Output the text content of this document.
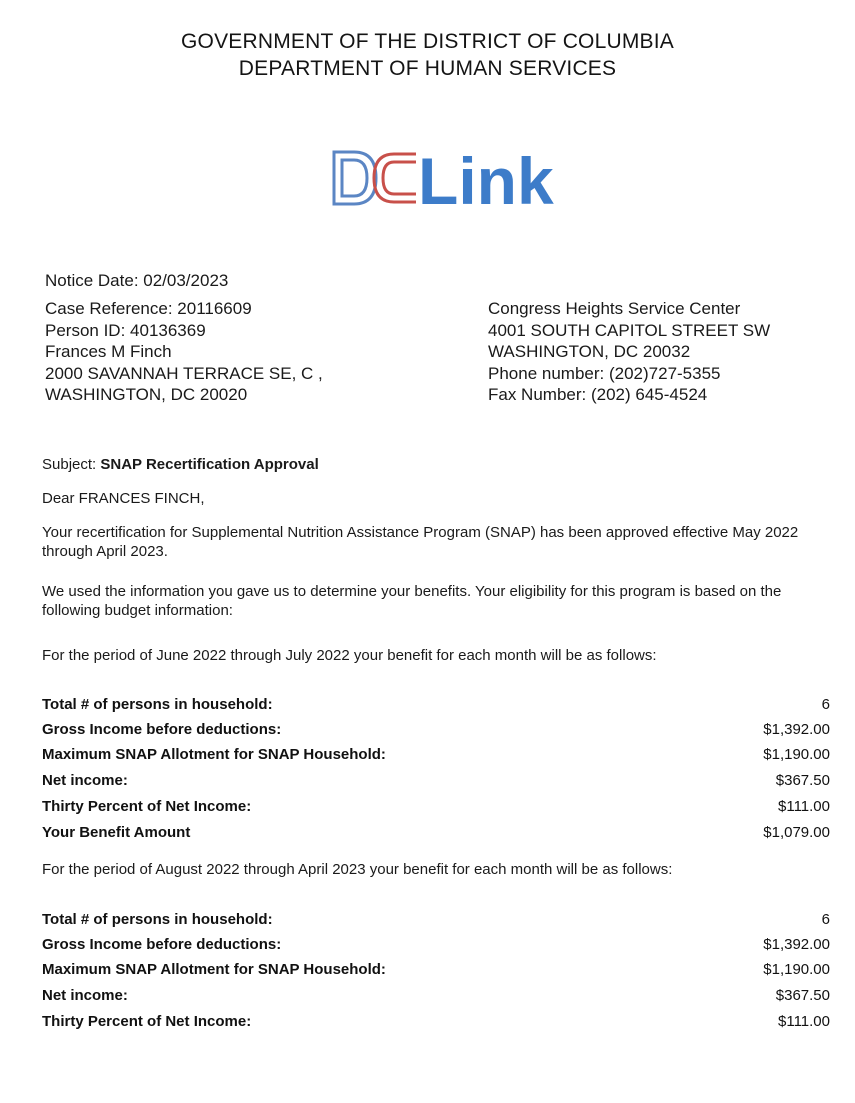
GOVERNMENT OF THE DISTRICT OF COLUMBIA
DEPARTMENT OF HUMAN SERVICES
Link
Notice Date: 02/03/2023
Case Reference: 20116609
Person ID: 40136369
Frances M Finch
2000 SAVANNAH TERRACE SE, C ,
WASHINGTON, DC 20020
Congress Heights Service Center
4001 SOUTH CAPITOL STREET SW
WASHINGTON, DC 20032
Phone number: (202)727-5355
Fax Number: (202) 645-4524
Subject: SNAP Recertification Approval
Dear FRANCES FINCH,
Your recertification for Supplemental Nutrition Assistance Program (SNAP) has been approved effective May 2022 through April 2023.
We used the information you gave us to determine your benefits. Your eligibility for this program is based on the following budget information:
For the period of June 2022 through July 2022 your benefit for each month will be as follows:
Total # of persons in household:	6
Gross Income before deductions:	$1,392.00
Maximum SNAP Allotment for SNAP Household:	$1,190.00
Net income:	$367.50
Thirty Percent of Net Income:	$111.00
Your Benefit Amount	$1,079.00
For the period of August 2022 through April 2023 your benefit for each month will be as follows:
Total # of persons in household:	6
Gross Income before deductions:	$1,392.00
Maximum SNAP Allotment for SNAP Household:	$1,190.00
Net income:	$367.50
Thirty Percent of Net Income:	$111.00
